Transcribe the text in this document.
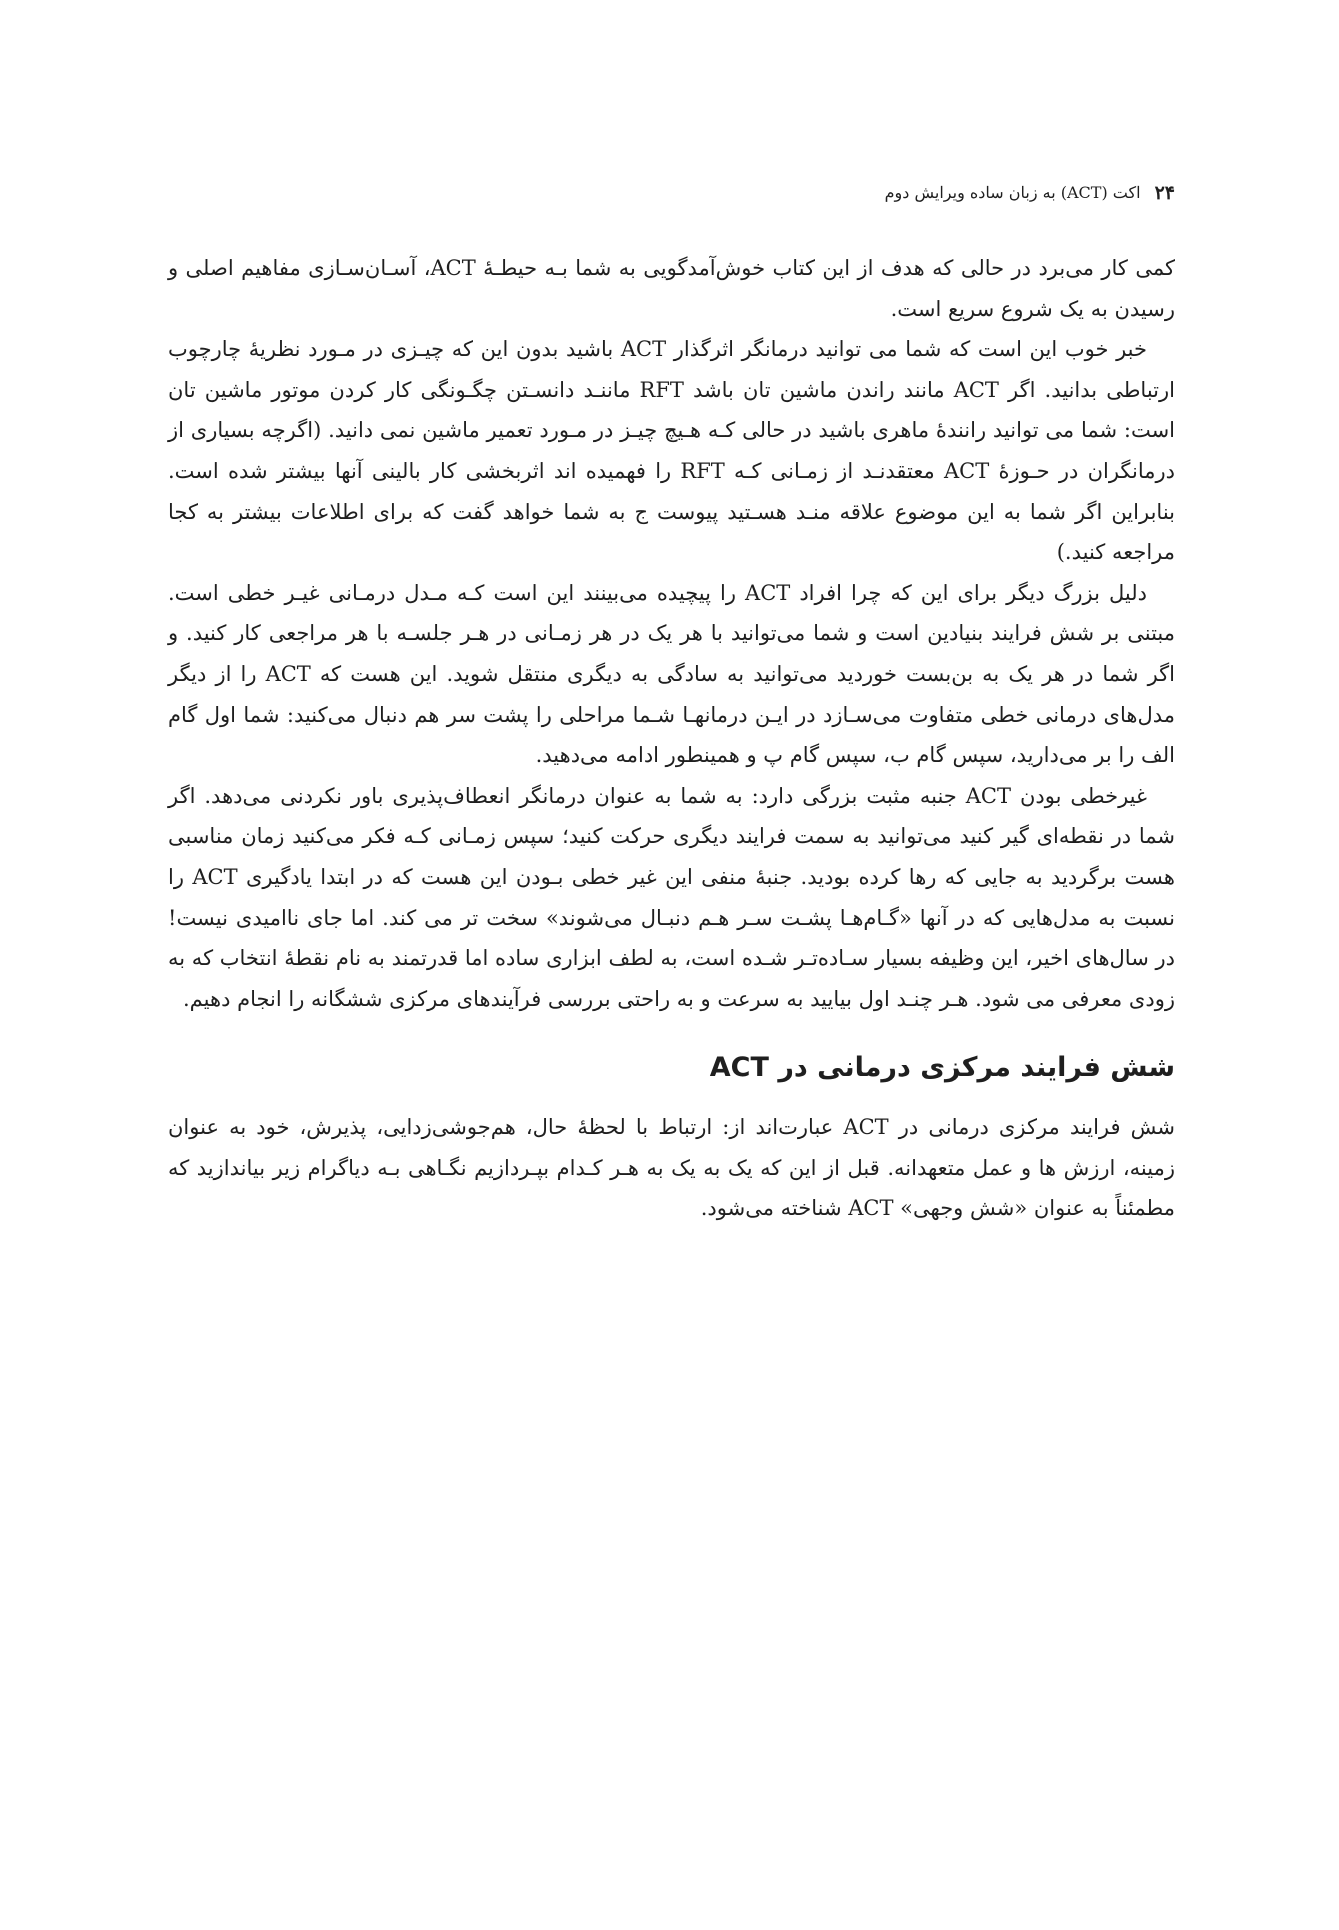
۲۴
اکت (ACT) به زبان ساده ویرایش دوم

کمی کار می‌برد در حالی که هدف از این کتاب خوش‌آمدگویی به شما بـه حیطـهٔ ACT، آسـان‌سـازی مفاهیم اصلی و رسیدن به یک شروع سریع است.

خبر خوب این است که شما می توانید درمانگر اثرگذار ACT باشید بدون این که چیـزی در مـورد نظریهٔ چارچوب ارتباطی بدانید. اگر ACT مانند راندن ماشین تان باشد RFT ماننـد دانسـتن چگـونگی کار کردن موتور ماشین تان است: شما می توانید رانندهٔ ماهری باشید در حالی کـه هـیچ چیـز در مـورد تعمیر ماشین نمی دانید. (اگرچه بسیاری از درمانگران در حـوزهٔ ACT معتقدنـد از زمـانی کـه RFT را فهمیده اند اثربخشی کار بالینی آنها بیشتر شده است. بنابراین اگر شما به این موضوع علاقه منـد هسـتید پیوست ج به شما خواهد گفت که برای اطلاعات بیشتر به کجا مراجعه کنید.)

دلیل بزرگ دیگر برای این که چرا افراد ACT را پیچیده می‌بینند این است کـه مـدل درمـانی غیـر خطی است. مبتنی بر شش فرایند بنیادین است و شما می‌توانید با هر یک در هر زمـانی در هـر جلسـه با هر مراجعی کار کنید. و اگر شما در هر یک به بن‌بست خوردید می‌توانید به سادگی به دیگری منتقل شوید. این هست که ACT را از دیگر مدل‌های درمانی خطی متفاوت می‌سـازد در ایـن درمانهـا شـما مراحلی را پشت سر هم دنبال می‌کنید: شما اول گام الف را بر می‌دارید، سپس گام ب، سپس گام پ و همینطور ادامه می‌دهید.

غیرخطی بودن ACT جنبه مثبت بزرگی دارد: به شما به عنوان درمانگر انعطاف‌پذیری باور نکردنی می‌دهد. اگر شما در نقطه‌ای گیر کنید می‌توانید به سمت فرایند دیگری حرکت کنید؛ سپس زمـانی کـه فکر می‌کنید زمان مناسبی هست برگردید به جایی که رها کرده بودید. جنبهٔ منفی این غیر خطی بـودن این هست که در ابتدا یادگیری ACT را نسبت به مدل‌هایی که در آنها «گـام‌هـا پشـت سـر هـم دنبـال می‌شوند» سخت تر می کند. اما جای ناامیدی نیست! در سال‌های اخیر، این وظیفه بسیار سـاده‌تـر شـده است، به لطف ابزاری ساده اما قدرتمند به نام نقطهٔ انتخاب که به زودی معرفی می شود. هـر چنـد اول بیایید به سرعت و به راحتی بررسی فرآیندهای مرکزی ششگانه را انجام دهیم.

شش فرایند مرکزی درمانی در ACT

شش فرایند مرکزی درمانی در ACT عبارت‌اند از: ارتباط با لحظهٔ حال، هم‌جوشی‌زدایی، پذیرش، خود به عنوان زمینه، ارزش ها و عمل متعهدانه. قبل از این که یک به یک به هـر کـدام بپـردازیم نگـاهی بـه دیاگرام زیر بیاندازید که مطمئناً به عنوان «شش وجهی» ACT شناخته می‌شود.
